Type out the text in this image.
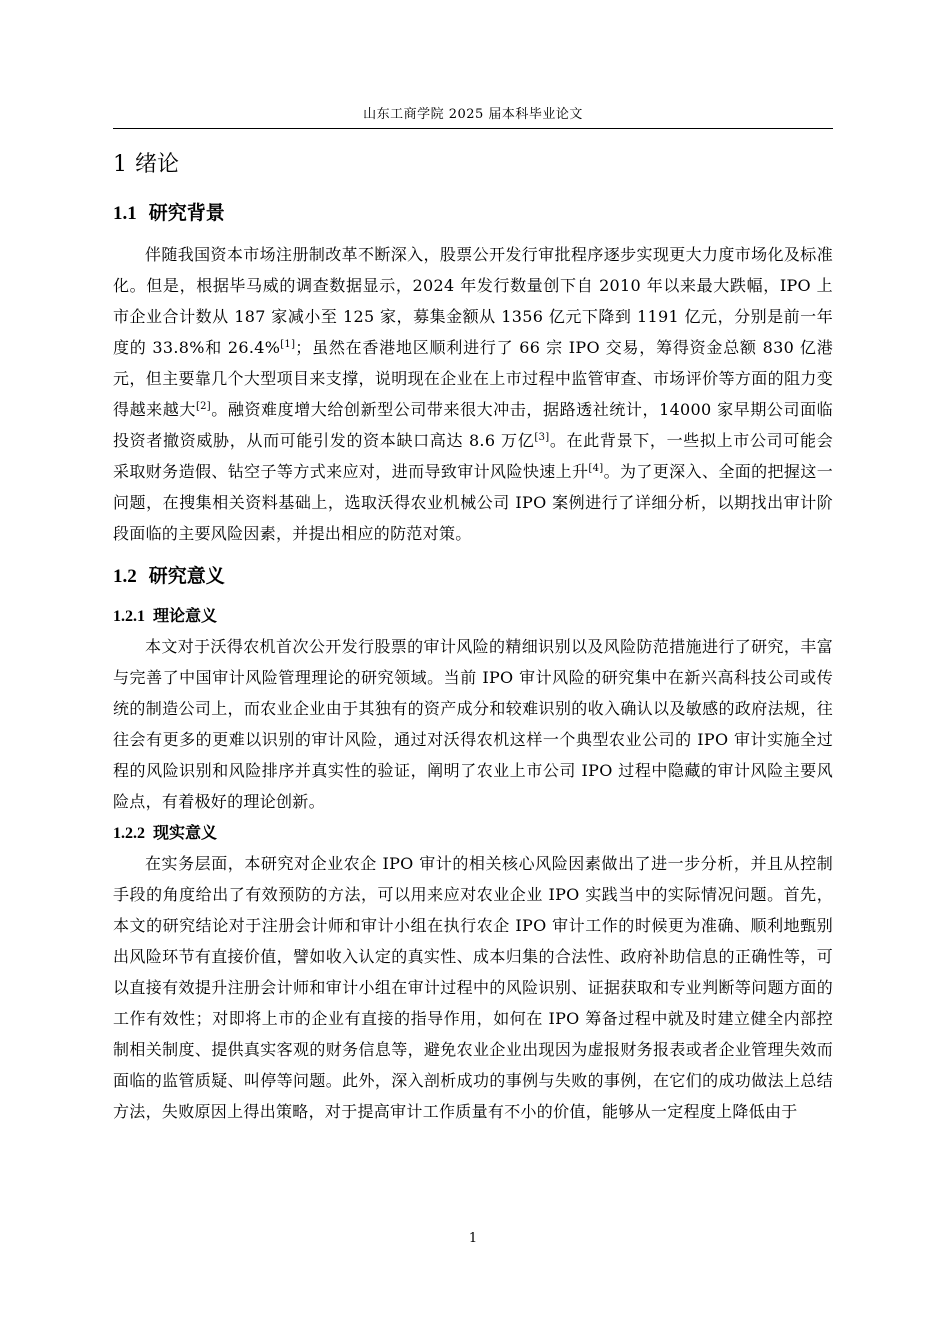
山东工商学院 2025 届本科毕业论文
1 绪论
1.1 研究背景

伴随我国资本市场注册制改革不断深入，股票公开发行审批程序逐步实现更大力度市场化及标准化。但是，根据毕马威的调查数据显示，2024 年发行数量创下自 2010 年以来最大跌幅，IPO 上市企业合计数从 187 家减小至 125 家，募集金额从 1356 亿元下降到 1191 亿元，分别是前一年度的 33.8%和 26.4%[1]；虽然在香港地区顺利进行了 66 宗 IPO 交易，筹得资金总额 830 亿港元，但主要靠几个大型项目来支撑，说明现在企业在上市过程中监管审查、市场评价等方面的阻力变得越来越大[2]。融资难度增大给创新型公司带来很大冲击，据路透社统计，14000 家早期公司面临投资者撤资威胁，从而可能引发的资本缺口高达 8.6 万亿[3]。在此背景下，一些拟上市公司可能会采取财务造假、钻空子等方式来应对，进而导致审计风险快速上升[4]。为了更深入、全面的把握这一问题，在搜集相关资料基础上，选取沃得农业机械公司 IPO 案例进行了详细分析，以期找出审计阶段面临的主要风险因素，并提出相应的防范对策。

1.2 研究意义
1.2.1 理论意义

本文对于沃得农机首次公开发行股票的审计风险的精细识别以及风险防范措施进行了研究，丰富与完善了中国审计风险管理理论的研究领域。当前 IPO 审计风险的研究集中在新兴高科技公司或传统的制造公司上，而农业企业由于其独有的资产成分和较难识别的收入确认以及敏感的政府法规，往往会有更多的更难以识别的审计风险，通过对沃得农机这样一个典型农业公司的 IPO 审计实施全过程的风险识别和风险排序并真实性的验证，阐明了农业上市公司 IPO 过程中隐藏的审计风险主要风险点，有着极好的理论创新。

1.2.2 现实意义

在实务层面，本研究对企业农企 IPO 审计的相关核心风险因素做出了进一步分析，并且从控制手段的角度给出了有效预防的方法，可以用来应对农业企业 IPO 实践当中的实际情况问题。首先，本文的研究结论对于注册会计师和审计小组在执行农企 IPO 审计工作的时候更为准确、顺利地甄别出风险环节有直接价值，譬如收入认定的真实性、成本归集的合法性、政府补助信息的正确性等，可以直接有效提升注册会计师和审计小组在审计过程中的风险识别、证据获取和专业判断等问题方面的工作有效性；对即将上市的企业有直接的指导作用，如何在 IPO 筹备过程中就及时建立健全内部控制相关制度、提供真实客观的财务信息等，避免农业企业出现因为虚报财务报表或者企业管理失效而面临的监管质疑、叫停等问题。此外，深入剖析成功的事例与失败的事例，在它们的成功做法上总结方法，失败原因上得出策略，对于提高审计工作质量有不小的价值，能够从一定程度上降低由于

1
